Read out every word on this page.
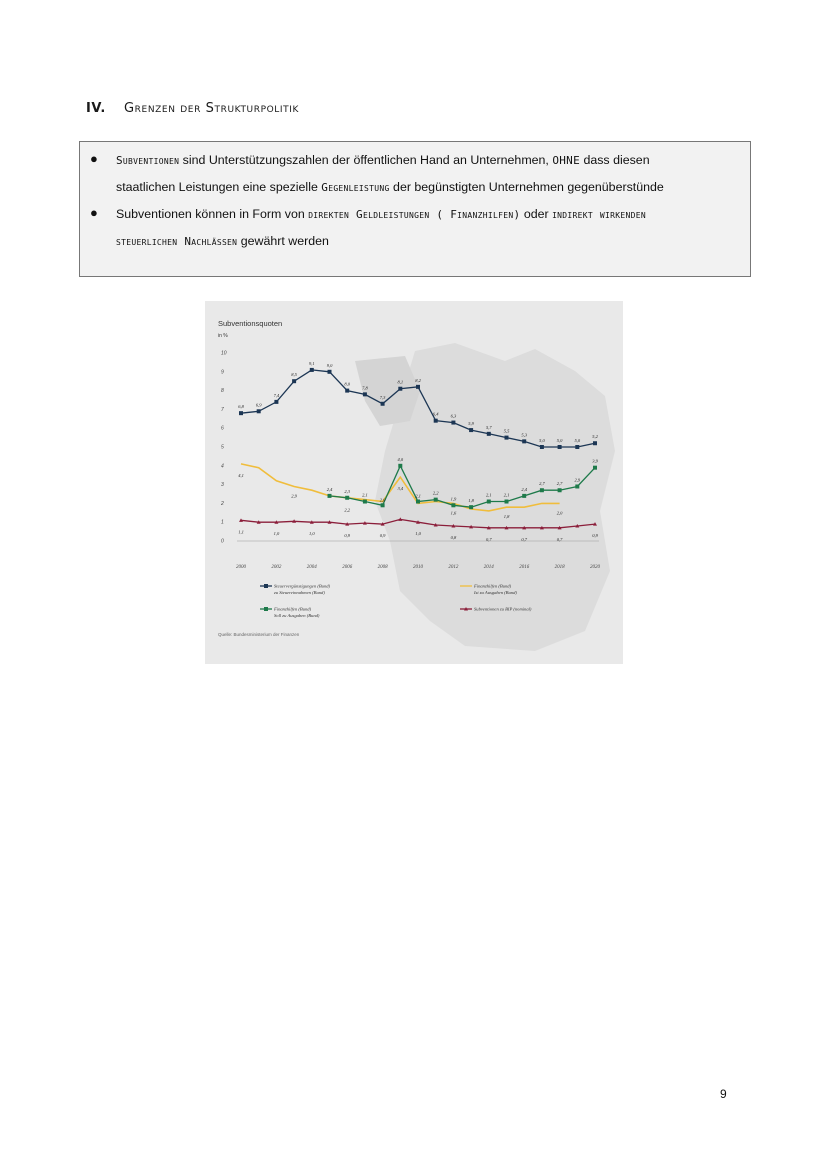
IV. Grenzen der Strukturpolitik
● Subventionen sind Unterstützungszahlen der öffentlichen Hand an Unternehmen, OHNE dass diesen
staatlichen Leistungen eine spezielle Gegenleistung der begünstigten Unternehmen gegenüberstünde
● Subventionen können in Form von direkten Geldleistungen ( Finanzhilfen) oder indirekt wirkenden
steuerlichen Nachlässen gewährt werden
Subventionsquoten
in %
0
1
2
3
4
5
6
7
8
9
10
2000	2002	2004	2006	2008	2010	2012	2014	2016	2018	2020
6,8	6,9
7,4
8,5
9,1	9,0
8,0
7,8
7,3
8,1	8,2
6,4	6,3
5,9
5,7
5,5
5,3
5,0	5,0	5,0
5,2
4,1
2,9
3,4
1,6
1,8
2,0
2,4	2,3
2,1
2,0
4,0
2,1
2,2
1,9	1,8
2,1	2,1
2,4
2,7	2,7
2,9
3,9
2,2
1,1	1,0	1,0	0,9	0,9	1,0
0,8	0,7	0,7	0,7
0,9
Steuervergünstigungen (Bund)
zu Steuereinnahmen (Bund)
Finanzhilfen (Bund)
Ist zu Ausgaben (Bund)
Finanzhilfen (Bund)
Soll zu Ausgaben (Bund)
Subventionen zu BIP (nominal)
Quelle: Bundesministerium der Finanzen
9
